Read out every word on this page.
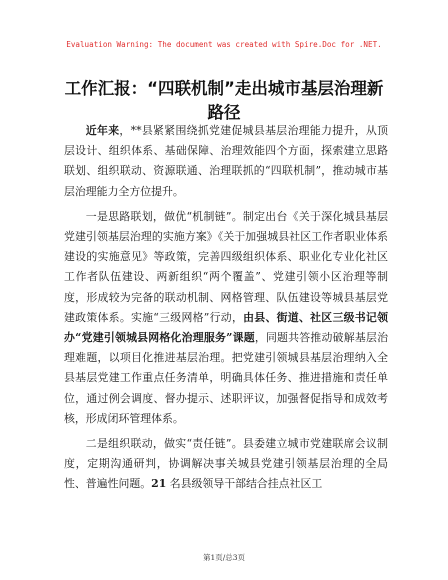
Evaluation Warning: The document was created with Spire.Doc for .NET.
工作汇报：“四联机制”走出城市基层治理新路径

近年来，**县紧紧围绕抓党建促城县基层治理能力提升，从顶层设计、组织体系、基础保障、治理效能四个方面，探索建立思路联划、组织联动、资源联通、治理联抓的“四联机制”，推动城市基层治理能力全方位提升。

一是思路联划，做优“机制链”。制定出台《关于深化城县基层党建引领基层治理的实施方案》《关于加强城县社区工作者职业体系建设的实施意见》等政策，完善四级组织体系、职业化专业化社区工作者队伍建设、两新组织“两个覆盖”、党建引领小区治理等制度，形成较为完备的联动机制、网格管理、队伍建设等城县基层党建政策体系。实施“三级网格”行动，由县、街道、社区三级书记领办“党建引领城县网格化治理服务”课题，同题共答推动破解基层治理难题，以项目化推进基层治理。把党建引领城县基层治理纳入全县基层党建工作重点任务清单，明确具体任务、推进措施和责任单位，通过例会调度、督办提示、述职评议，加强督促指导和成效考核，形成闭环管理体系。

二是组织联动，做实“责任链”。县委建立城市党建联席会议制度，定期沟通研判，协调解决事关城县党建引领基层治理的全局性、普遍性问题。21 名县级领导干部结合挂点社区工

第1页/总3页
